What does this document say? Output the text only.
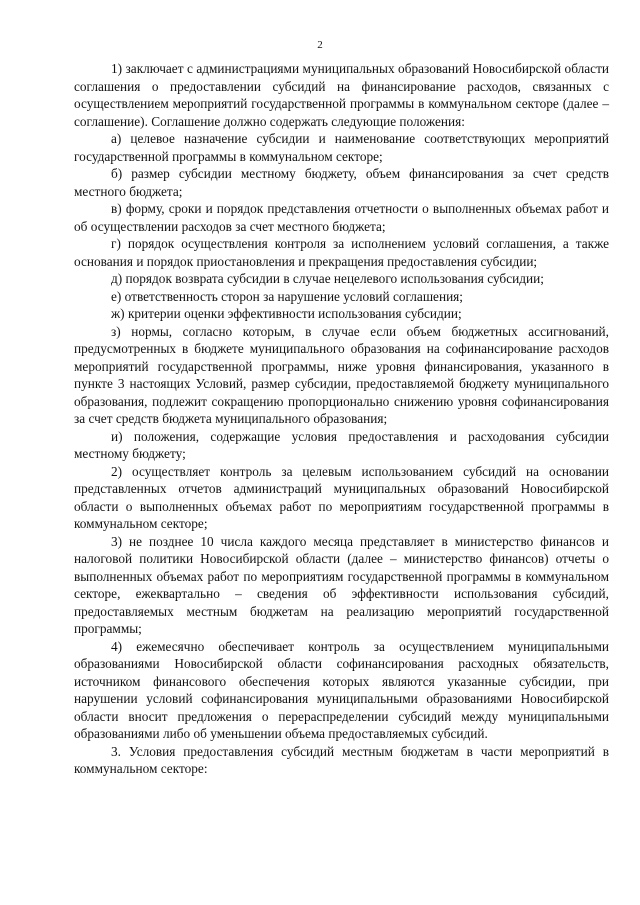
2

1) заключает с администрациями муниципальных образований Новосибирской области соглашения о предоставлении субсидий на финансирование расходов, связанных с осуществлением мероприятий государственной программы в коммунальном секторе (далее – соглашение). Соглашение должно содержать следующие положения:

а) целевое назначение субсидии и наименование соответствующих мероприятий государственной программы в коммунальном секторе;

б) размер субсидии местному бюджету, объем финансирования за счет средств местного бюджета;

в) форму, сроки и порядок представления отчетности о выполненных объемах работ и об осуществлении расходов за счет местного бюджета;

г) порядок осуществления контроля за исполнением условий соглашения, а также основания и порядок приостановления и прекращения предоставления субсидии;

д) порядок возврата субсидии в случае нецелевого использования субсидии;

е) ответственность сторон за нарушение условий соглашения;

ж) критерии оценки эффективности использования субсидии;

з) нормы, согласно которым, в случае если объем бюджетных ассигнований, предусмотренных в бюджете муниципального образования на софинансирование расходов мероприятий государственной программы, ниже уровня финансирования, указанного в пункте 3 настоящих Условий, размер субсидии, предоставляемой бюджету муниципального образования, подлежит сокращению пропорционально снижению уровня софинансирования за счет средств бюджета муниципального образования;

и) положения, содержащие условия предоставления и расходования субсидии местному бюджету;

2) осуществляет контроль за целевым использованием субсидий на основании представленных отчетов администраций муниципальных образований Новосибирской области о выполненных объемах работ по мероприятиям государственной программы в коммунальном секторе;

3) не позднее 10 числа каждого месяца представляет в министерство финансов и налоговой политики Новосибирской области (далее – министерство финансов) отчеты о выполненных объемах работ по мероприятиям государственной программы в коммунальном секторе, ежеквартально – сведения об эффективности использования субсидий, предоставляемых местным бюджетам на реализацию мероприятий государственной программы;

4) ежемесячно обеспечивает контроль за осуществлением муниципальными образованиями Новосибирской области софинансирования расходных обязательств, источником финансового обеспечения которых являются указанные субсидии, при нарушении условий софинансирования муниципальными образованиями Новосибирской области вносит предложения о перераспределении субсидий между муниципальными образованиями либо об уменьшении объема предоставляемых субсидий.

3. Условия предоставления субсидий местным бюджетам в части мероприятий в коммунальном секторе:
